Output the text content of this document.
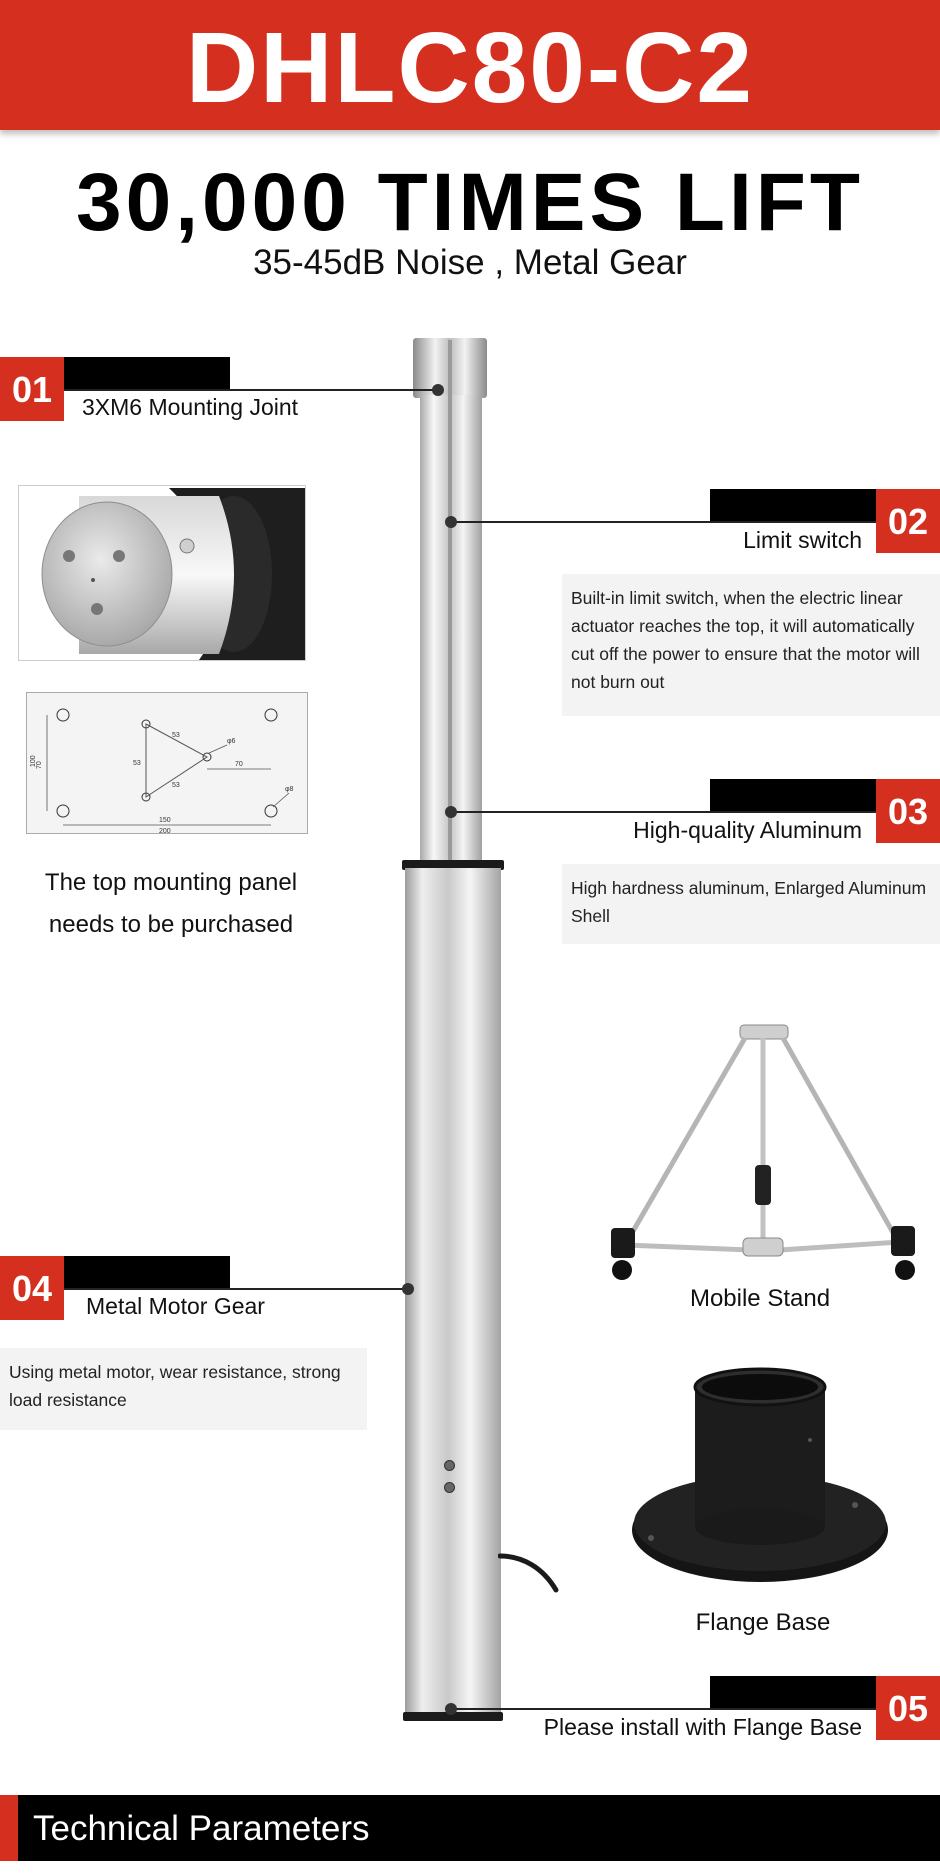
DHLC80-C2
30,000 TIMES LIFT
35-45dB Noise , Metal Gear
01	3XM6 Mounting Joint
100 70
53
53
53
φ6
70
φ8
150
200
The top mounting panel
needs to be purchased
02
Limit switch
Built-in limit switch, when the electric linear actuator reaches the top, it will automatically cut off the power to ensure that the motor will not burn out
03
High-quality Aluminum
High hardness aluminum, Enlarged Aluminum Shell
Mobile Stand
04	Metal Motor Gear
Using metal motor, wear resistance, strong load resistance
Flange Base
05
Please install with Flange Base
Technical Parameters
